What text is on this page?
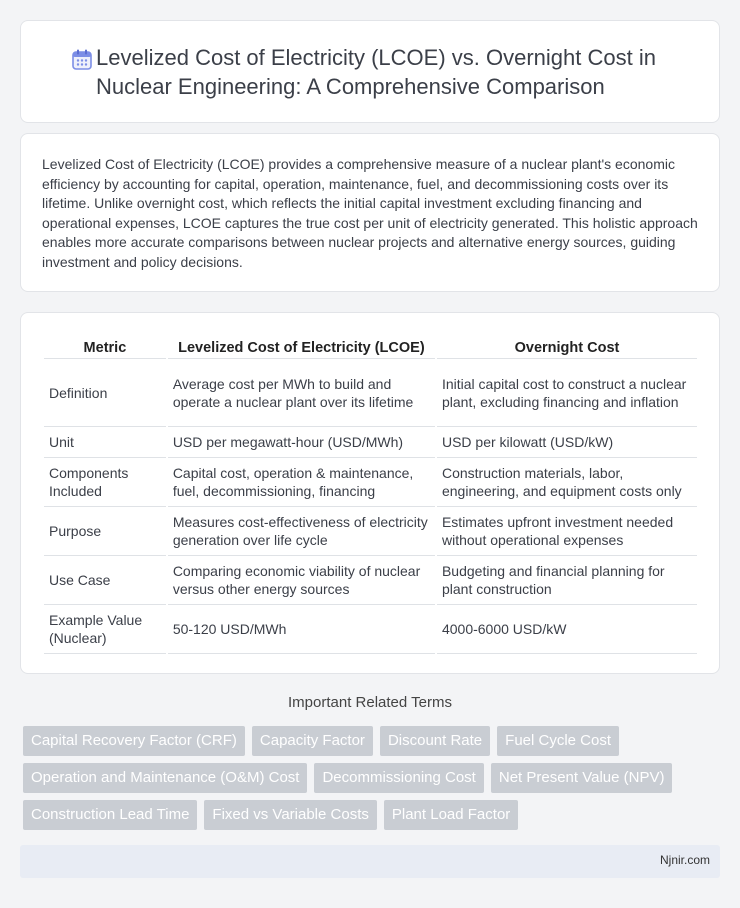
Levelized Cost of Electricity (LCOE) vs. Overnight Cost in Nuclear Engineering: A Comprehensive Comparison

Levelized Cost of Electricity (LCOE) provides a comprehensive measure of a nuclear plant's economic efficiency by accounting for capital, operation, maintenance, fuel, and decommissioning costs over its lifetime. Unlike overnight cost, which reflects the initial capital investment excluding financing and operational expenses, LCOE captures the true cost per unit of electricity generated. This holistic approach enables more accurate comparisons between nuclear projects and alternative energy sources, guiding investment and policy decisions.

Metric	Levelized Cost of Electricity (LCOE)	Overnight Cost
Definition	Average cost per MWh to build and operate a nuclear plant over its lifetime	Initial capital cost to construct a nuclear plant, excluding financing and inflation
Unit	USD per megawatt-hour (USD/MWh)	USD per kilowatt (USD/kW)
Components Included	Capital cost, operation & maintenance, fuel, decommissioning, financing	Construction materials, labor, engineering, and equipment costs only
Purpose	Measures cost-effectiveness of electricity generation over life cycle	Estimates upfront investment needed without operational expenses
Use Case	Comparing economic viability of nuclear versus other energy sources	Budgeting and financial planning for plant construction
Example Value (Nuclear)	50-120 USD/MWh	4000-6000 USD/kW
Important Related Terms
Capital Recovery Factor (CRF)	Capacity Factor	Discount Rate	Fuel Cycle Cost
Operation and Maintenance (O&M) Cost	Decommissioning Cost	Net Present Value (NPV)
Construction Lead Time	Fixed vs Variable Costs	Plant Load Factor
Njnir.com
